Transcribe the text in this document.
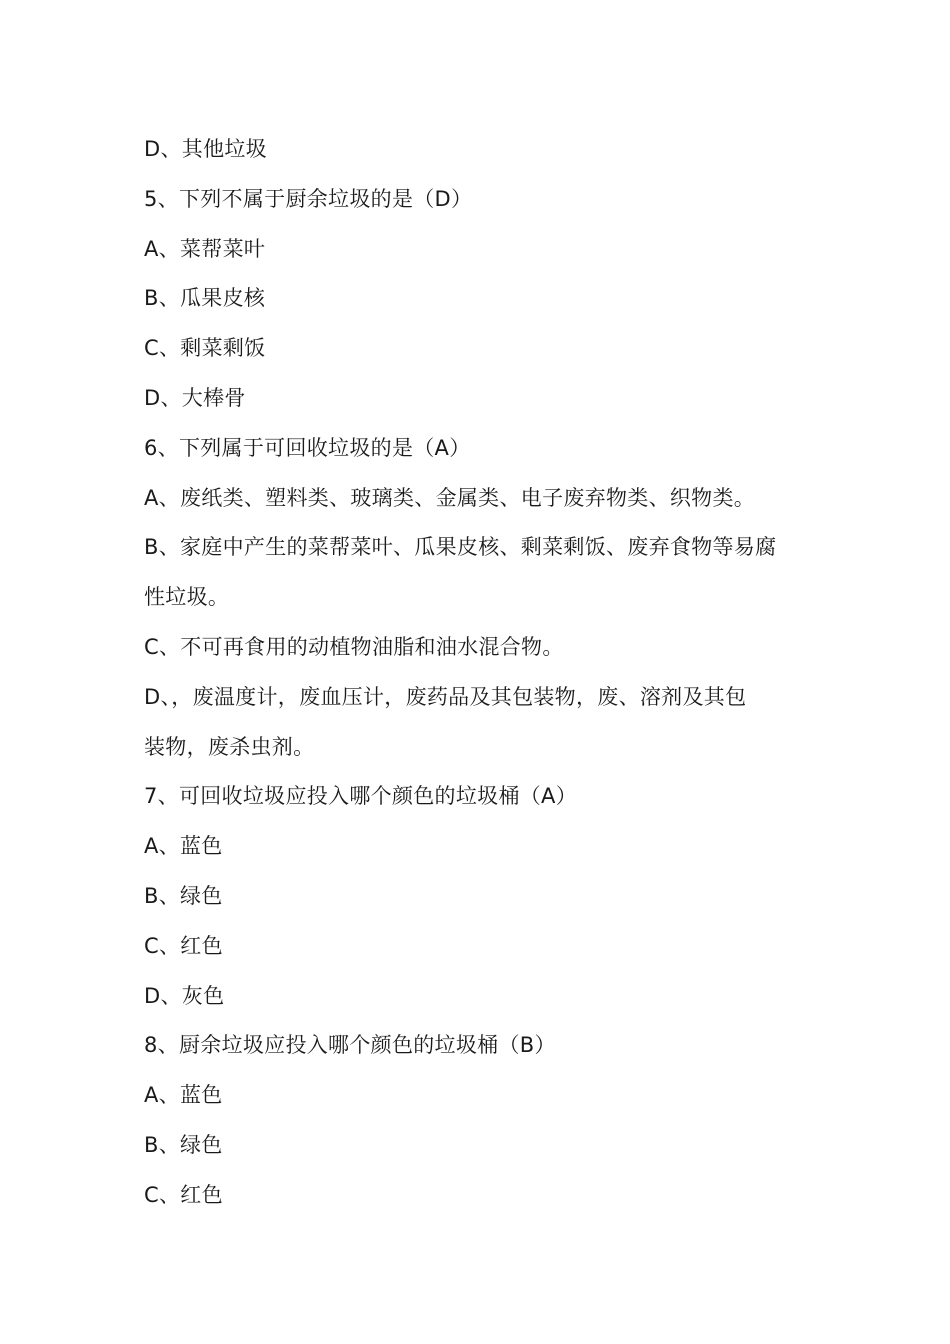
D、其他垃圾

5、下列不属于厨余垃圾的是（D）

A、菜帮菜叶

B、瓜果皮核

C、剩菜剩饭

D、大棒骨

6、下列属于可回收垃圾的是（A）

A、废纸类、塑料类、玻璃类、金属类、电子废弃物类、织物类。

B、家庭中产生的菜帮菜叶、瓜果皮核、剩菜剩饭、废弃食物等易腐

性垃圾。

C、不可再食用的动植物油脂和油水混合物。

D、，废温度计，废血压计，废药品及其包装物，废、溶剂及其包

装物，废杀虫剂。

7、可回收垃圾应投入哪个颜色的垃圾桶（A）

A、蓝色

B、绿色

C、红色

D、灰色

8、厨余垃圾应投入哪个颜色的垃圾桶（B）

A、蓝色

B、绿色

C、红色
